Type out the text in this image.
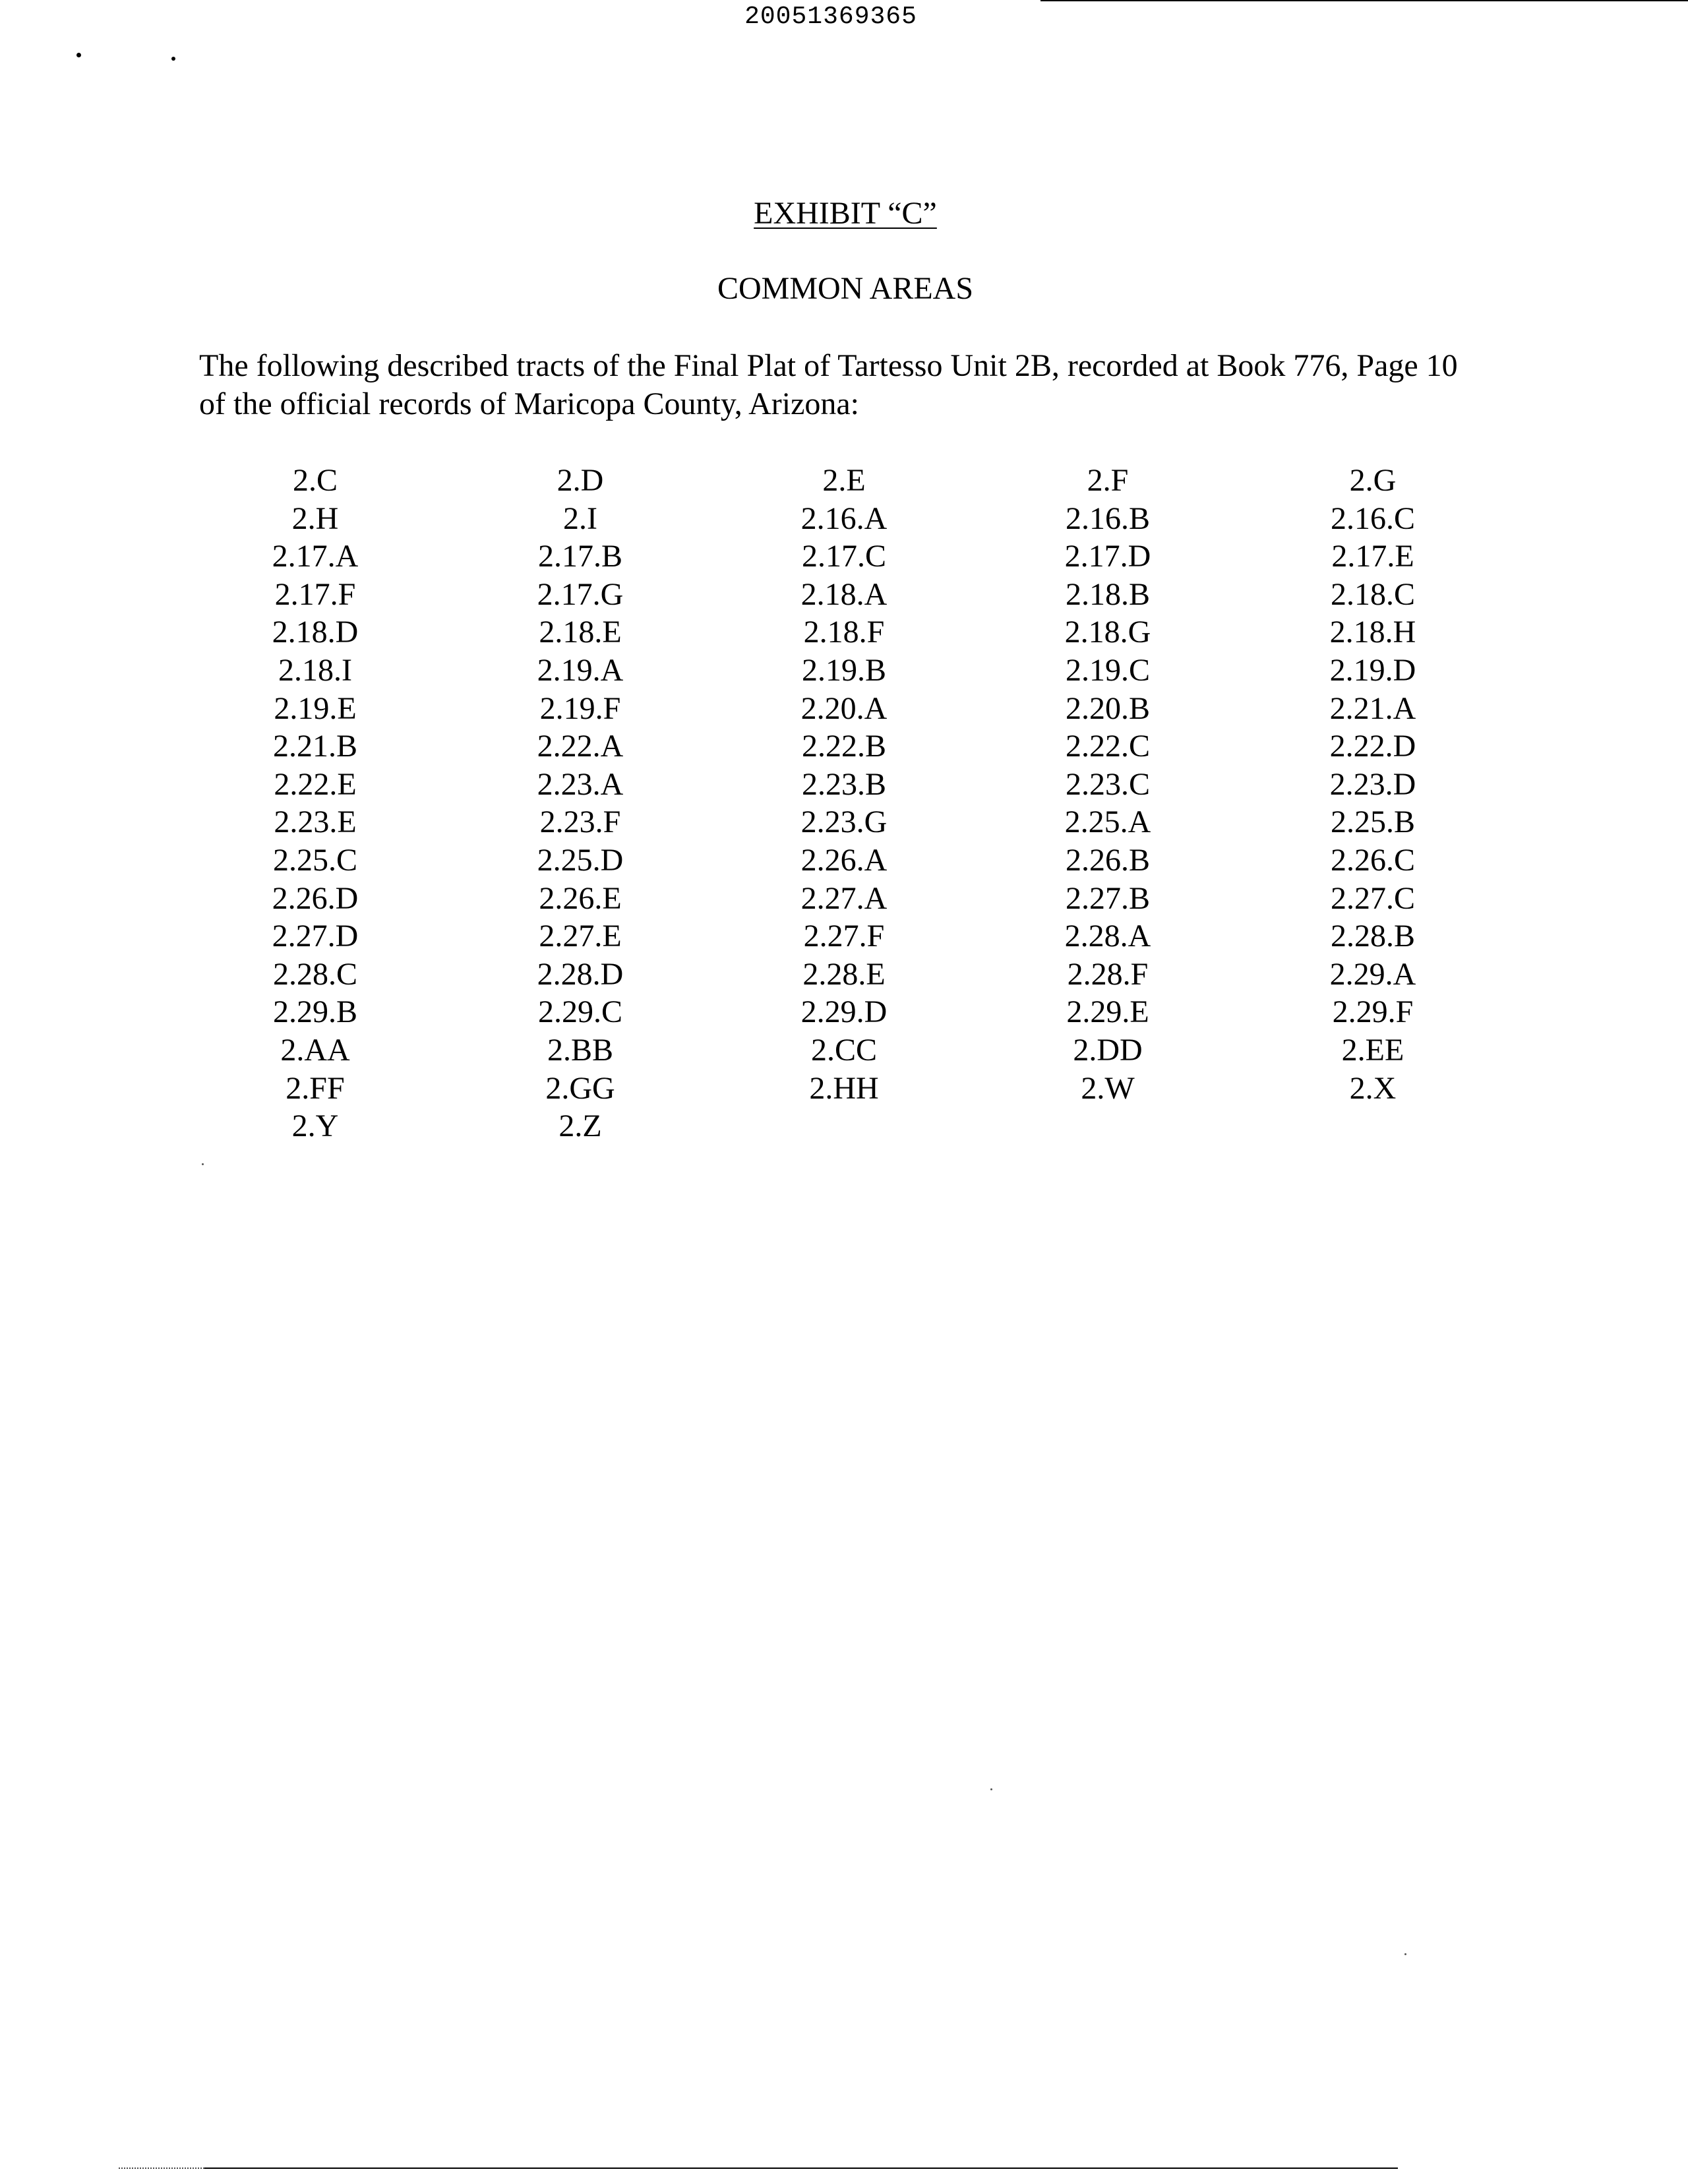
20051369365
EXHIBIT “C”
COMMON AREAS

The following described tracts of the Final Plat of Tartesso Unit 2B, recorded at Book 776, Page 10
of the official records of Maricopa County, Arizona:

2.C	2.D	2.E	2.F	2.G
2.H	2.I	2.16.A	2.16.B	2.16.C
2.17.A	2.17.B	2.17.C	2.17.D	2.17.E
2.17.F	2.17.G	2.18.A	2.18.B	2.18.C
2.18.D	2.18.E	2.18.F	2.18.G	2.18.H
2.18.I	2.19.A	2.19.B	2.19.C	2.19.D
2.19.E	2.19.F	2.20.A	2.20.B	2.21.A
2.21.B	2.22.A	2.22.B	2.22.C	2.22.D
2.22.E	2.23.A	2.23.B	2.23.C	2.23.D
2.23.E	2.23.F	2.23.G	2.25.A	2.25.B
2.25.C	2.25.D	2.26.A	2.26.B	2.26.C
2.26.D	2.26.E	2.27.A	2.27.B	2.27.C
2.27.D	2.27.E	2.27.F	2.28.A	2.28.B
2.28.C	2.28.D	2.28.E	2.28.F	2.29.A
2.29.B	2.29.C	2.29.D	2.29.E	2.29.F
2.AA	2.BB	2.CC	2.DD	2.EE
2.FF	2.GG	2.HH	2.W	2.X
2.Y	2.Z
